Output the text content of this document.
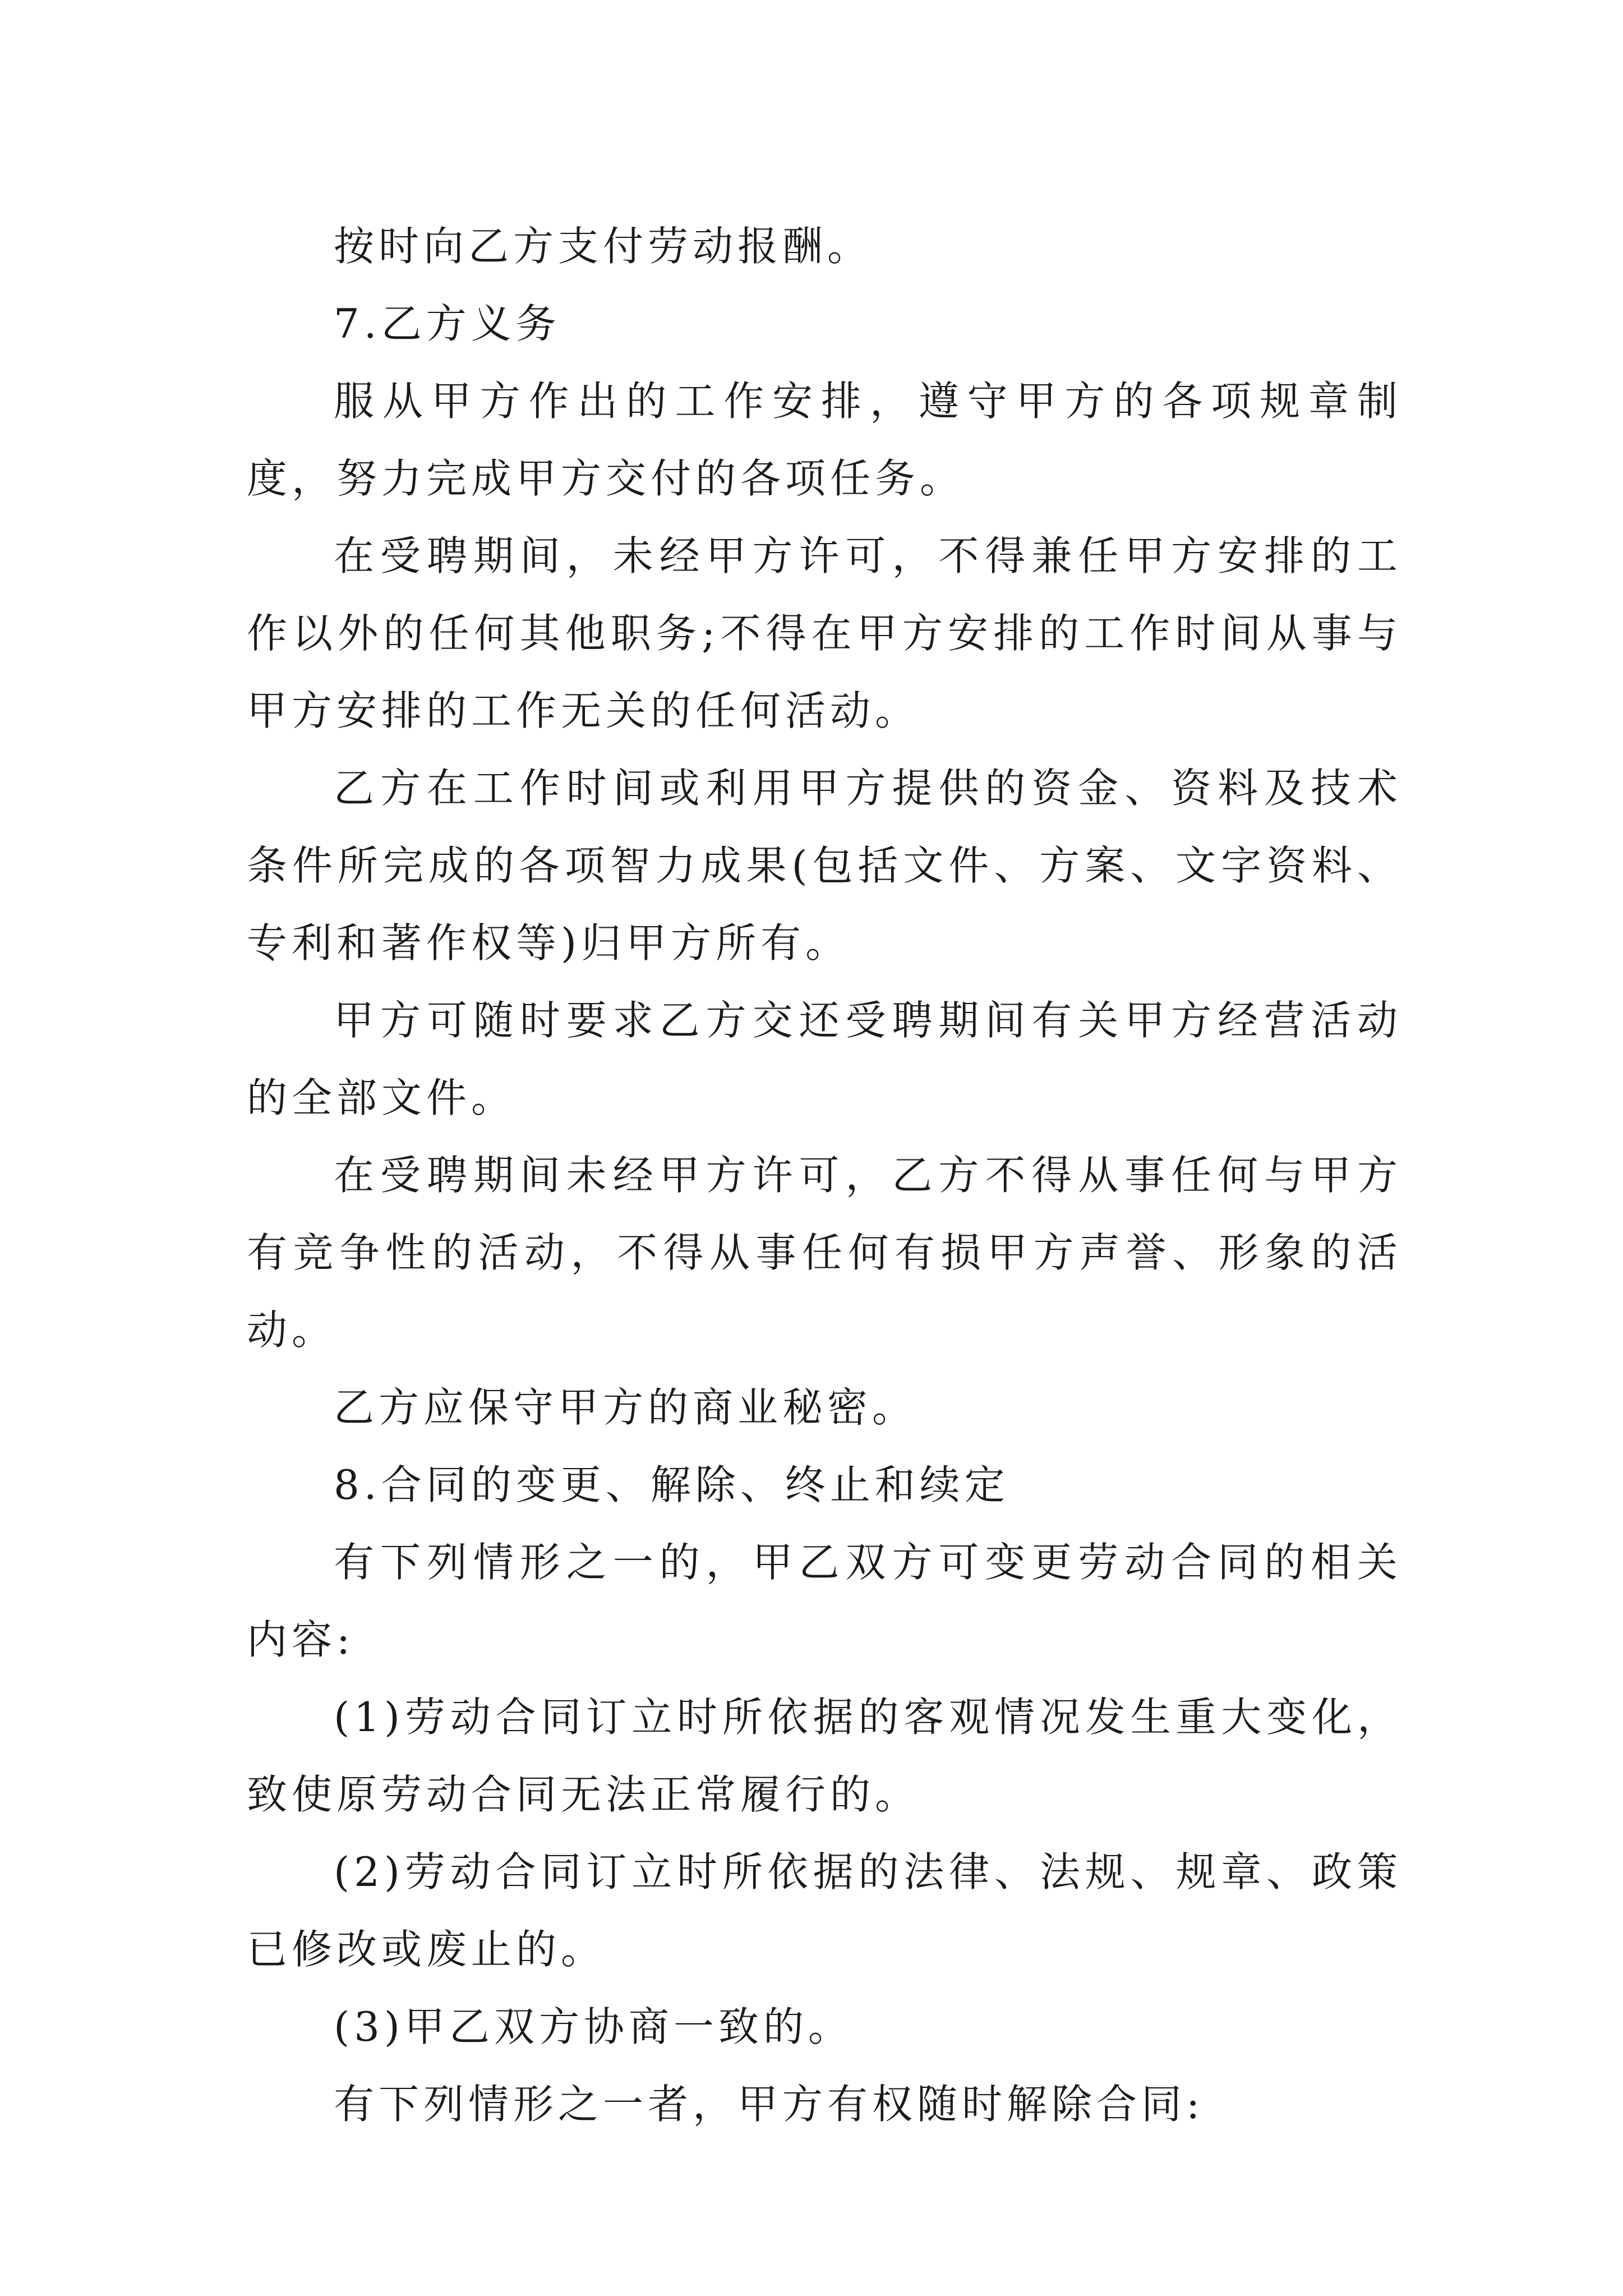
按时向乙方支付劳动报酬。

7.乙方义务

服从甲方作出的工作安排，遵守甲方的各项规章制度，努力完成甲方交付的各项任务。

在受聘期间，未经甲方许可，不得兼任甲方安排的工作以外的任何其他职务;不得在甲方安排的工作时间从事与甲方安排的工作无关的任何活动。

乙方在工作时间或利用甲方提供的资金、资料及技术条件所完成的各项智力成果(包括文件、方案、文字资料、专利和著作权等)归甲方所有。

甲方可随时要求乙方交还受聘期间有关甲方经营活动的全部文件。

在受聘期间未经甲方许可，乙方不得从事任何与甲方有竞争性的活动，不得从事任何有损甲方声誉、形象的活动。

乙方应保守甲方的商业秘密。

8.合同的变更、解除、终止和续定

有下列情形之一的，甲乙双方可变更劳动合同的相关内容:

(1)劳动合同订立时所依据的客观情况发生重大变化，致使原劳动合同无法正常履行的。

(2)劳动合同订立时所依据的法律、法规、规章、政策已修改或废止的。

(3)甲乙双方协商一致的。

有下列情形之一者，甲方有权随时解除合同:
